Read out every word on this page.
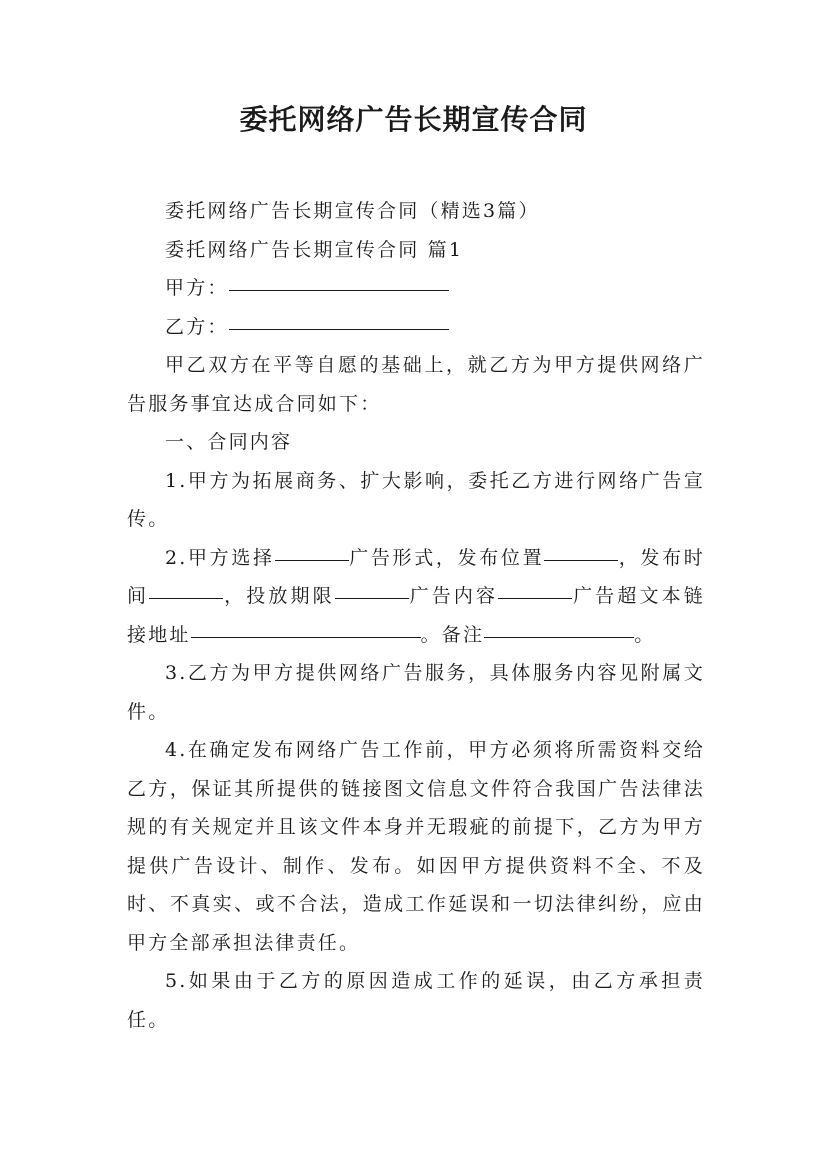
委托网络广告长期宣传合同

委托网络广告长期宣传合同（精选3篇）

委托网络广告长期宣传合同 篇1

甲方：

乙方：

甲乙双方在平等自愿的基础上，就乙方为甲方提供网络广告服务事宜达成合同如下：

一、合同内容

1.甲方为拓展商务、扩大影响，委托乙方进行网络广告宣传。

2.甲方选择	广告形式，发布位置	，发布时间	，投放期限	广告内容	广告超文本链接地址	。备注	。

3.乙方为甲方提供网络广告服务，具体服务内容见附属文件。

4.在确定发布网络广告工作前，甲方必须将所需资料交给乙方，保证其所提供的链接图文信息文件符合我国广告法律法规的有关规定并且该文件本身并无瑕疵的前提下，乙方为甲方提供广告设计、制作、发布。如因甲方提供资料不全、不及时、不真实、或不合法，造成工作延误和一切法律纠纷，应由甲方全部承担法律责任。

5.如果由于乙方的原因造成工作的延误，由乙方承担责任。
